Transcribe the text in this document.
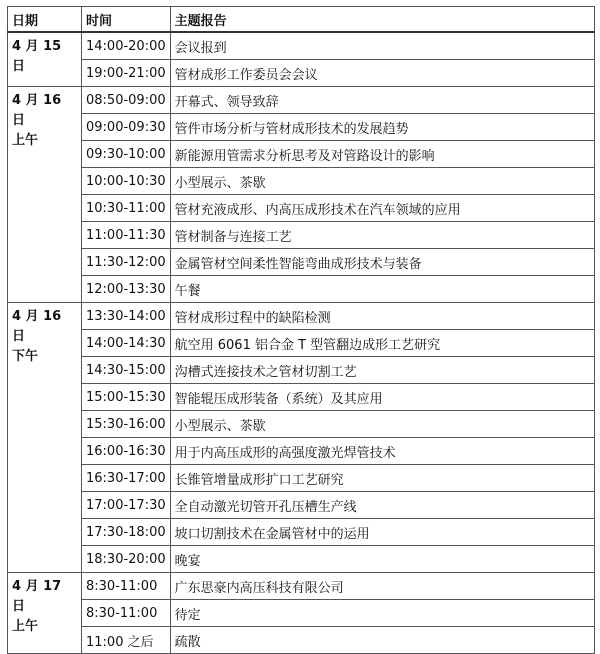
日期	时间	主题报告

4 月 15 日	14:00-20:00	会议报到
	19:00-21:00	管材成形工作委员会会议

4 月 16 日
上午	08:50-09:00	开幕式、领导致辞
	09:00-09:30	管件市场分析与管材成形技术的发展趋势
	09:30-10:00	新能源用管需求分析思考及对管路设计的影响
	10:00-10:30	小型展示、茶歇
	10:30-11:00	管材充液成形、内高压成形技术在汽车领域的应用
	11:00-11:30	管材制备与连接工艺
	11:30-12:00	金属管材空间柔性智能弯曲成形技术与装备
	12:00-13:30	午餐

4 月 16 日
下午	13:30-14:00	管材成形过程中的缺陷检测
	14:00-14:30	航空用 6061 铝合金 T 型管翻边成形工艺研究
	14:30-15:00	沟槽式连接技术之管材切割工艺
	15:00-15:30	智能辊压成形装备（系统）及其应用
	15:30-16:00	小型展示、茶歇
	16:00-16:30	用于内高压成形的高强度激光焊管技术
	16:30-17:00	长锥管增量成形扩口工艺研究
	17:00-17:30	全自动激光切管开孔压槽生产线
	17:30-18:00	坡口切割技术在金属管材中的运用
	18:30-20:00	晚宴

4 月 17 日
上午	8:30-11:00	广东思豪内高压科技有限公司
	8:30-11:00	待定
	11:00 之后	疏散
